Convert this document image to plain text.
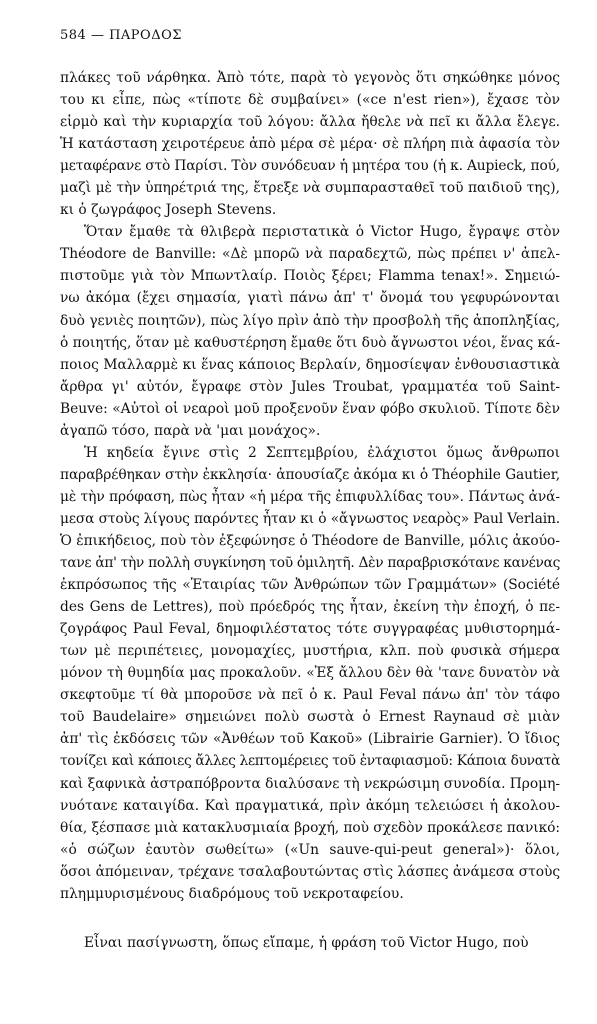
584 — ΠΑΡΟΔΟΣ
πλάκες τοῦ νάρθηκα. Ἀπὸ τότε, παρὰ τὸ γεγονὸς ὅτι σηκώθηκε μόνος
του κι εἶπε, πὼς «τίποτε δὲ συμβαίνει» («ce n'est rien»), ἔχασε τὸν
εἱρμὸ καὶ τὴν κυριαρχία τοῦ λόγου: ἄλλα ἤθελε νὰ πεῖ κι ἄλλα ἔλεγε.
Ἡ κατάσταση χειροτέρευε ἀπὸ μέρα σὲ μέρα· σὲ πλήρη πιὰ ἀφασία τὸν
μεταφέρανε στὸ Παρίσι. Τὸν συνόδευαν ἡ μητέρα του (ἡ κ. Aupieck, πού,
μαζὶ μὲ τὴν ὑπηρέτριά της, ἔτρεξε νὰ συμπαρασταθεῖ τοῦ παιδιοῦ της),
κι ὁ ζωγράφος Joseph Stevens.
Ὅταν ἔμαθε τὰ θλιβερὰ περιστατικὰ ὁ Victor Hugo, ἔγραψε στὸν
Théodore de Banville: «Δὲ μπορῶ νὰ παραδεχτῶ, πὼς πρέπει ν' ἀπελ-
πιστοῦμε γιὰ τὸν Μπωντλαίρ. Ποιὸς ξέρει; Flamma tenax!». Σημειώ-
νω ἀκόμα (ἔχει σημασία, γιατὶ πάνω ἀπ' τ' ὄνομά του γεφυρώνονται
δυὸ γενιὲς ποιητῶν), πὼς λίγο πρὶν ἀπὸ τὴν προσβολὴ τῆς ἀποπληξίας,
ὁ ποιητής, ὅταν μὲ καθυστέρηση ἔμαθε ὅτι δυὸ ἄγνωστοι νέοι, ἕνας κά-
ποιος Μαλλαρμὲ κι ἕνας κάποιος Βερλαίν, δημοσίεψαν ἐνθουσιαστικὰ
ἄρθρα γι' αὐτόν, ἔγραφε στὸν Jules Troubat, γραμματέα τοῦ Saint-
Beuve: «Αὐτοὶ οἱ νεαροὶ μοῦ προξενοῦν ἕναν φόβο σκυλιοῦ. Τίποτε δὲν
ἀγαπῶ τόσο, παρὰ νὰ 'μαι μονάχος».
Ἡ κηδεία ἔγινε στὶς 2 Σεπτεμβρίου, ἐλάχιστοι ὅμως ἄνθρωποι
παραβρέθηκαν στὴν ἐκκλησία· ἀπουσίαζε ἀκόμα κι ὁ Théophile Gautier,
μὲ τὴν πρόφαση, πὼς ἦταν «ἡ μέρα τῆς ἐπιφυλλίδας του». Πάντως ἀνά-
μεσα στοὺς λίγους παρόντες ἦταν κι ὁ «ἄγνωστος νεαρὸς» Paul Verlain.
Ὁ ἐπικήδειος, ποὺ τὸν ἐξεφώνησε ὁ Théodore de Banville, μόλις ἀκούο-
τανε ἀπ' τὴν πολλὴ συγκίνηση τοῦ ὁμιλητῆ. Δὲν παραβρισκότανε κανένας
ἐκπρόσωπος τῆς «Ἑταιρίας τῶν Ἀνθρώπων τῶν Γραμμάτων» (Société
des Gens de Lettres), ποὺ πρόεδρός της ἦταν, ἐκείνη τὴν ἐποχή, ὁ πε-
ζογράφος Paul Feval, δημοφιλέστατος τότε συγγραφέας μυθιστορημά-
των μὲ περιπέτειες, μονομαχίες, μυστήρια, κλπ. ποὺ φυσικὰ σήμερα
μόνον τὴ θυμηδία μας προκαλοῦν. «Ἐξ ἄλλου δὲν θὰ 'τανε δυνατὸν νὰ
σκεφτοῦμε τί θὰ μποροῦσε νὰ πεῖ ὁ κ. Paul Feval πάνω ἀπ' τὸν τάφο
τοῦ Baudelaire» σημειώνει πολὺ σωστὰ ὁ Ernest Raynaud σὲ μιὰν
ἀπ' τὶς ἐκδόσεις τῶν «Ἀνθέων τοῦ Κακοῦ» (Librairie Garnier). Ὁ ἴδιος
τονίζει καὶ κάποιες ἄλλες λεπτομέρειες τοῦ ἐνταφιασμοῦ: Κάποια δυνατὰ
καὶ ξαφνικὰ ἀστραπόβροντα διαλύσανε τὴ νεκρώσιμη συνοδία. Προμη-
νυότανε καταιγίδα. Καὶ πραγματικά, πρὶν ἀκόμη τελειώσει ἡ ἀκολου-
θία, ξέσπασε μιὰ κατακλυσμιαία βροχή, ποὺ σχεδὸν προκάλεσε πανικό:
«ὁ σώζων ἑαυτὸν σωθείτω» («Un sauve-qui-peut general»)· ὅλοι,
ὅσοι ἀπόμειναν, τρέχανε τσαλαβουτώντας στὶς λάσπες ἀνάμεσα στοὺς
πλημμυρισμένους διαδρόμους τοῦ νεκροταφείου.
Εἶναι πασίγνωστη, ὅπως εἴπαμε, ἡ φράση τοῦ Victor Hugo, ποὺ
